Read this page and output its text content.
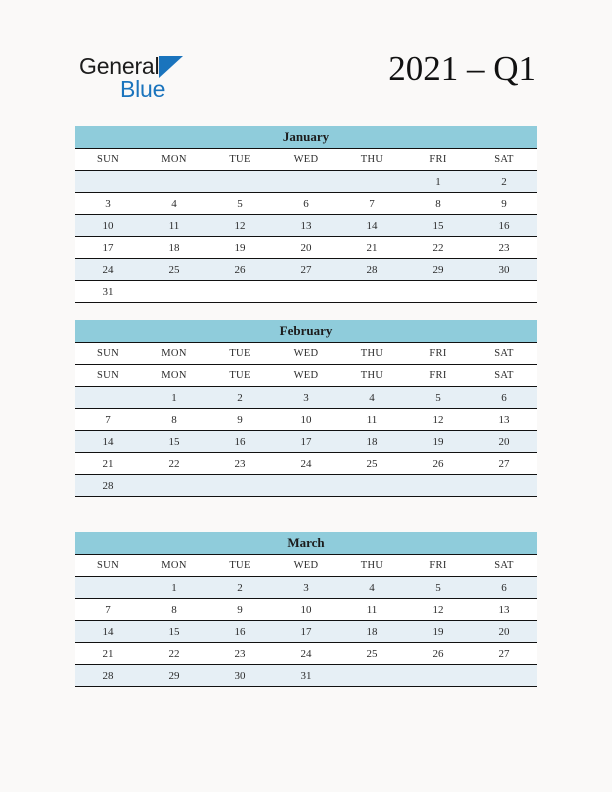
General
Blue
2021 – Q1
January
SUN	MON	TUE	WED	THU	FRI	SAT
					1	2
3	4	5	6	7	8	9
10	11	12	13	14	15	16
17	18	19	20	21	22	23
24	25	26	27	28	29	30
31						
February
SUN	MON	TUE	WED	THU	FRI	SAT
SUN	MON	TUE	WED	THU	FRI	SAT
	1	2	3	4	5	6
7	8	9	10	11	12	13
14	15	16	17	18	19	20
21	22	23	24	25	26	27
28						
March
SUN	MON	TUE	WED	THU	FRI	SAT
	1	2	3	4	5	6
7	8	9	10	11	12	13
14	15	16	17	18	19	20
21	22	23	24	25	26	27
28	29	30	31			
